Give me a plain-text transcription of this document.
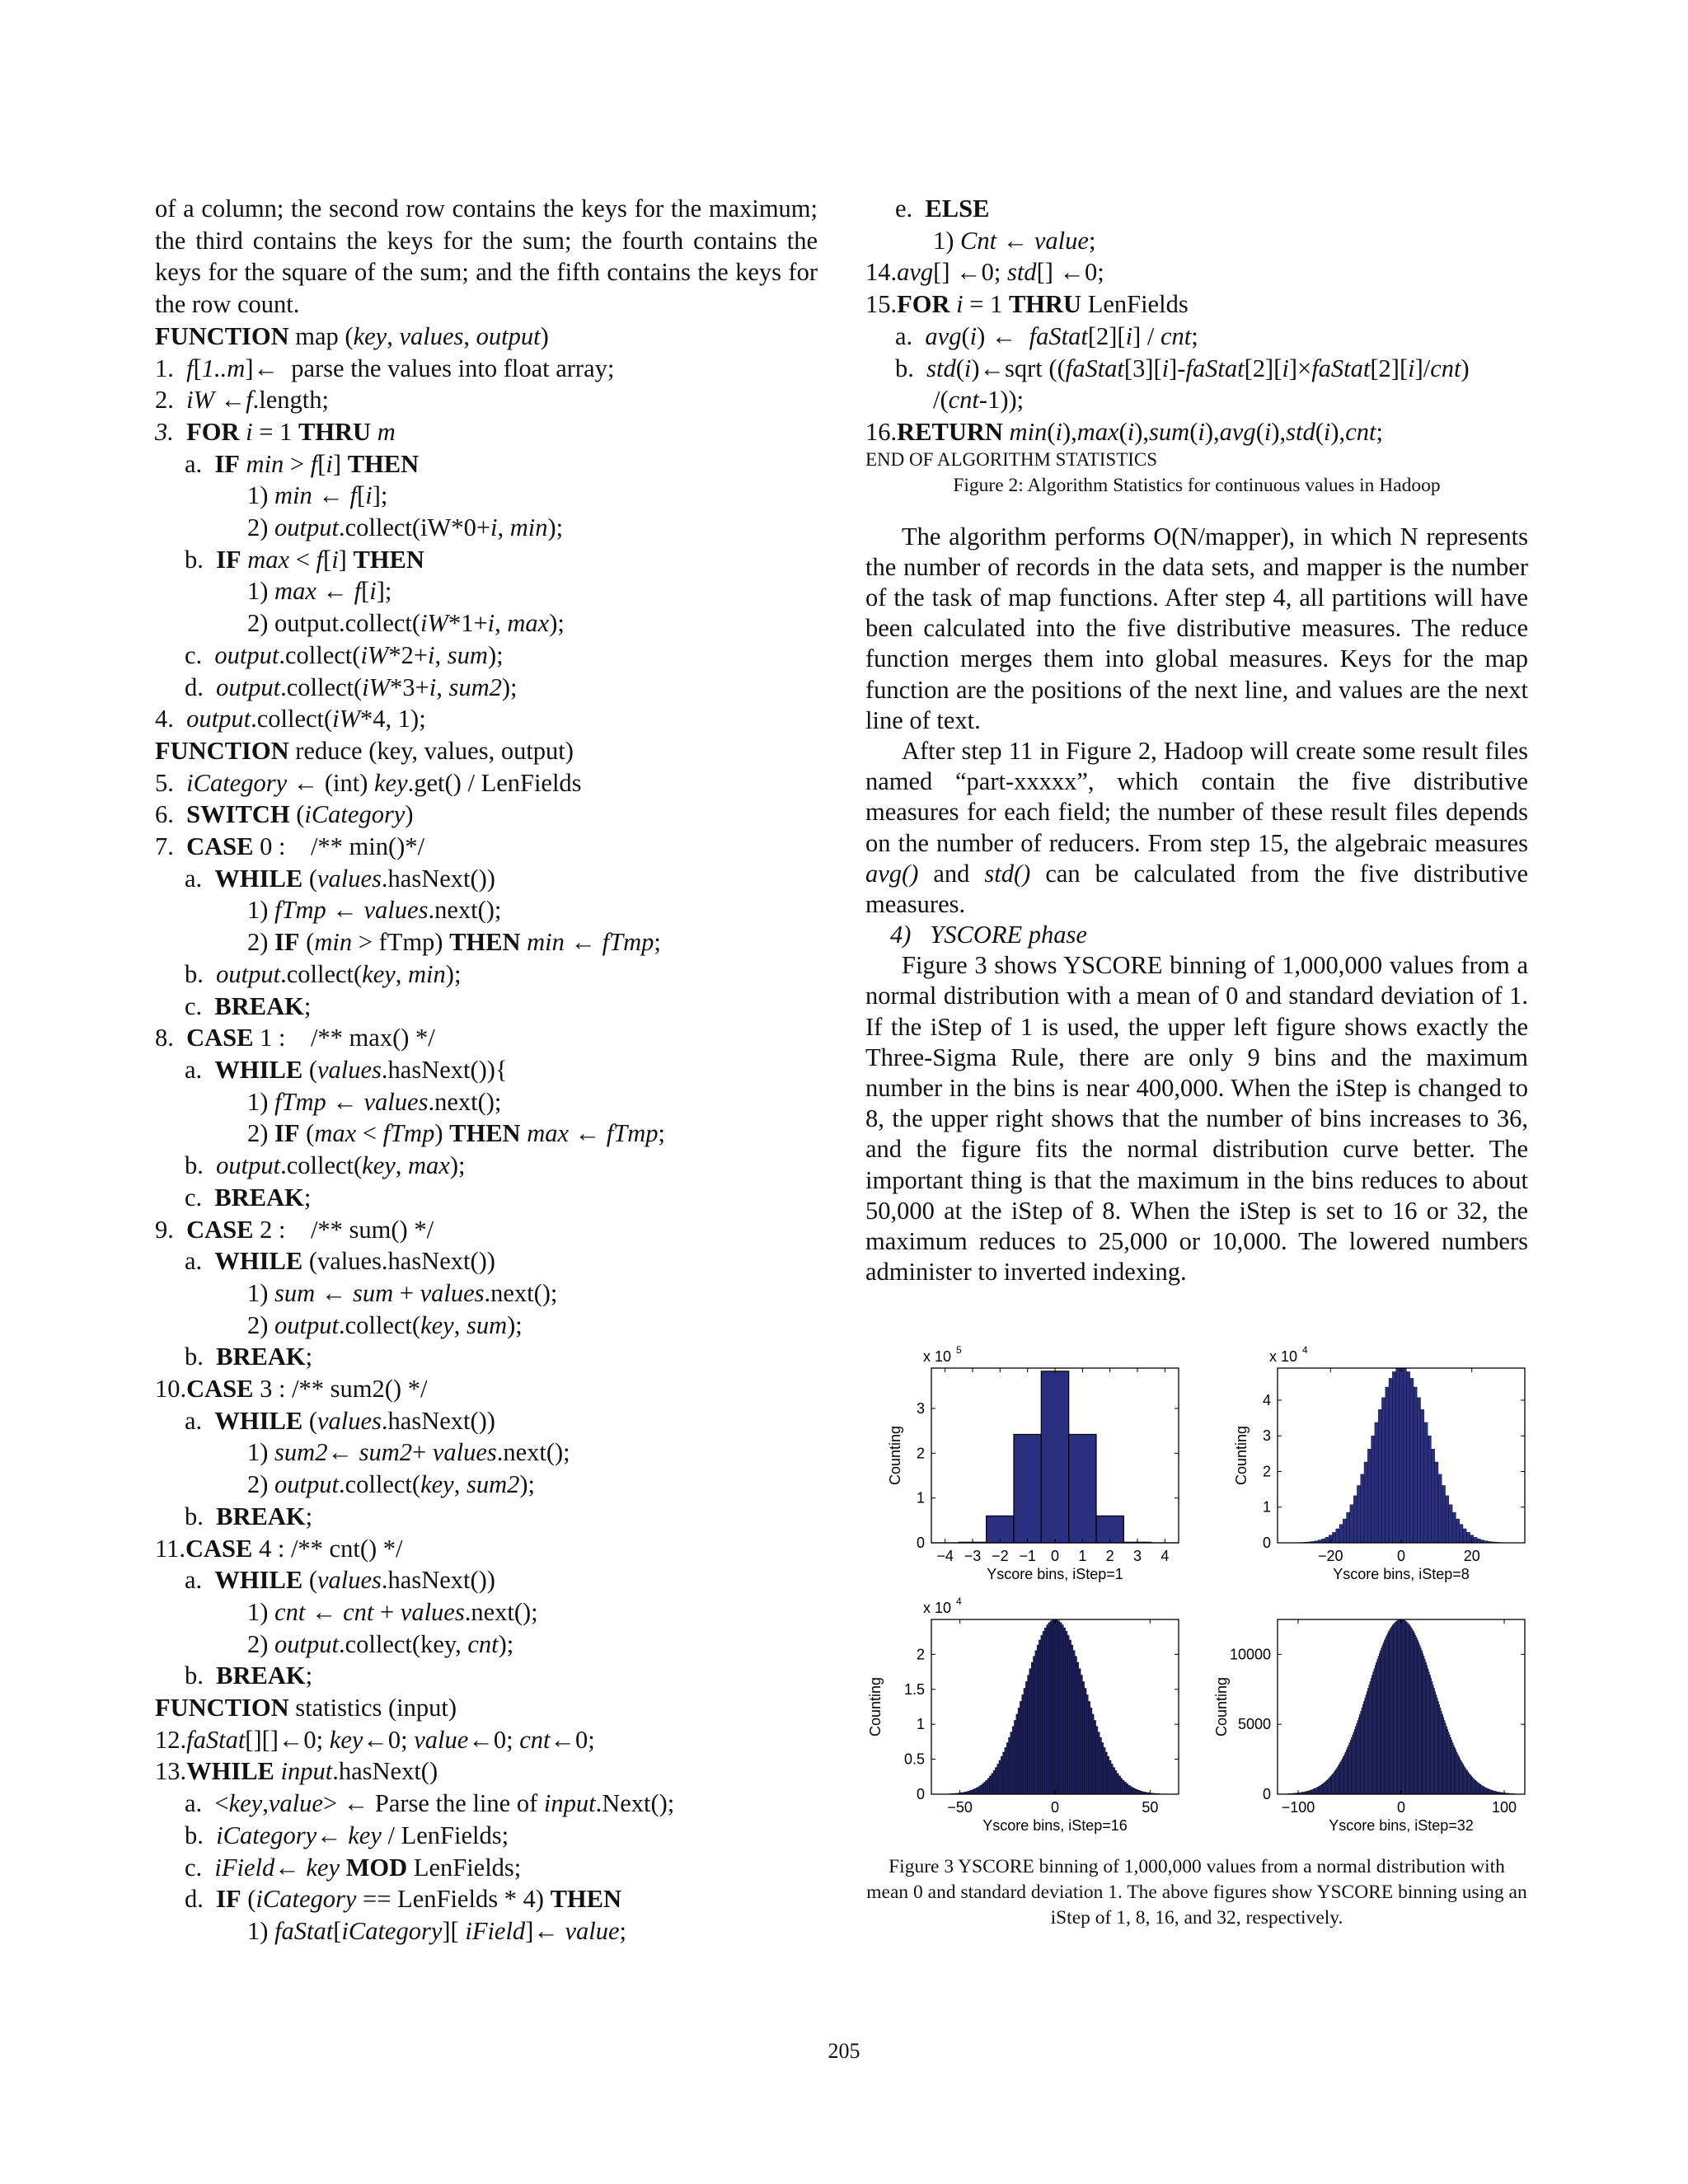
of a column; the second row contains the keys for the maximum; the third contains the keys for the sum; the fourth contains the keys for the square of the sum; and the fifth contains the keys for the row count.
FUNCTION map (key, values, output)
1.  f[1..m]←  parse the values into float array;
2.  iW ←f.length;
3. FOR i = 1 THRU m
a.  IF min > f[i] THEN
1) min ← f[i];
2) output.collect(iW*0+i, min);
b.  IF max < f[i] THEN
1) max ← f[i];
2) output.collect(iW*1+i, max);
c.  output.collect(iW*2+i, sum);
d.  output.collect(iW*3+i, sum2);
4.  output.collect(iW*4, 1);
FUNCTION reduce (key, values, output)
5.  iCategory ← (int) key.get() / LenFields
6.  SWITCH (iCategory)
7.  CASE 0 :    /** min()*/
a.  WHILE (values.hasNext())
1) fTmp ← values.next();
2) IF (min > fTmp) THEN min ← fTmp;
b.  output.collect(key, min);
c.  BREAK;
8.  CASE 1 :    /** max() */
a.  WHILE (values.hasNext()){
1) fTmp ← values.next();
2) IF (max < fTmp) THEN max ← fTmp;
b.  output.collect(key, max);
c.  BREAK;
9.  CASE 2 :    /** sum() */
a.  WHILE (values.hasNext())
1) sum ← sum + values.next();
2) output.collect(key, sum);
b.  BREAK;
10.CASE 3 : /** sum2() */
a.  WHILE (values.hasNext())
1) sum2← sum2+ values.next();
2) output.collect(key, sum2);
b.  BREAK;
11.CASE 4 : /** cnt() */
a.  WHILE (values.hasNext())
1) cnt ← cnt + values.next();
2) output.collect(key, cnt);
b.  BREAK;
FUNCTION statistics (input)
12.faStat[][]←0; key←0; value←0; cnt←0;
13.WHILE input.hasNext()
a.  <key,value> ← Parse the line of input.Next();
b.  iCategory← key / LenFields;
c.  iField← key MOD LenFields;
d.  IF (iCategory == LenFields * 4) THEN
1) faStat[iCategory][ iField]← value;
e.  ELSE
1) Cnt ← value;
14.avg[] ←0; std[] ←0;
15.FOR i = 1 THRU LenFields
a.  avg(i) ←  faStat[2][i] / cnt;
b.  std(i)←sqrt ((faStat[3][i]-faStat[2][i]×faStat[2][i]/cnt)
/(cnt-1));
16.RETURN min(i),max(i),sum(i),avg(i),std(i),cnt;
END OF ALGORITHM STATISTICS
Figure 2: Algorithm Statistics for continuous values in Hadoop

The algorithm performs O(N/mapper), in which N represents the number of records in the data sets, and mapper is the number of the task of map functions. After step 4, all partitions will have been calculated into the five distributive measures. The reduce function merges them into global measures. Keys for the map function are the positions of the next line, and values are the next line of text.

After step 11 in Figure 2, Hadoop will create some result files named “part-xxxxx”, which contain the five distributive measures for each field; the number of these result files depends on the number of reducers. From step 15, the algebraic measures avg() and std() can be calculated from the five distributive measures.

4)   YSCORE phase

Figure 3 shows YSCORE binning of 1,000,000 values from a normal distribution with a mean of 0 and standard deviation of 1. If the iStep of 1 is used, the upper left figure shows exactly the Three-Sigma Rule, there are only 9 bins and the maximum number in the bins is near 400,000. When the iStep is changed to 8, the upper right shows that the number of bins increases to 36, and the figure fits the normal distribution curve better. The important thing is that the maximum in the bins reduces to about 50,000 at the iStep of 8. When the iStep is set to 16 or 32, the maximum reduces to 25,000 or 10,000. The lowered numbers administer to inverted indexing.

−4 −3 −2 −1 0 1 2 3 4
0
1
2
3
Yscore bins, iStep=1
Counting
x 10 5
−20	0	20
0
1
2
3
4
Yscore bins, iStep=8
Counting
x 10 4
−50	0	50
0
0.5
1
1.5
2
Yscore bins, iStep=16
Counting
x 10 4
−100	0	100
0
5000
10000
Yscore bins, iStep=32
Counting
Figure 3 YSCORE binning of 1,000,000 values from a normal distribution with mean 0 and standard deviation 1. The above figures show YSCORE binning using an iStep of 1, 8, 16, and 32, respectively.
205
